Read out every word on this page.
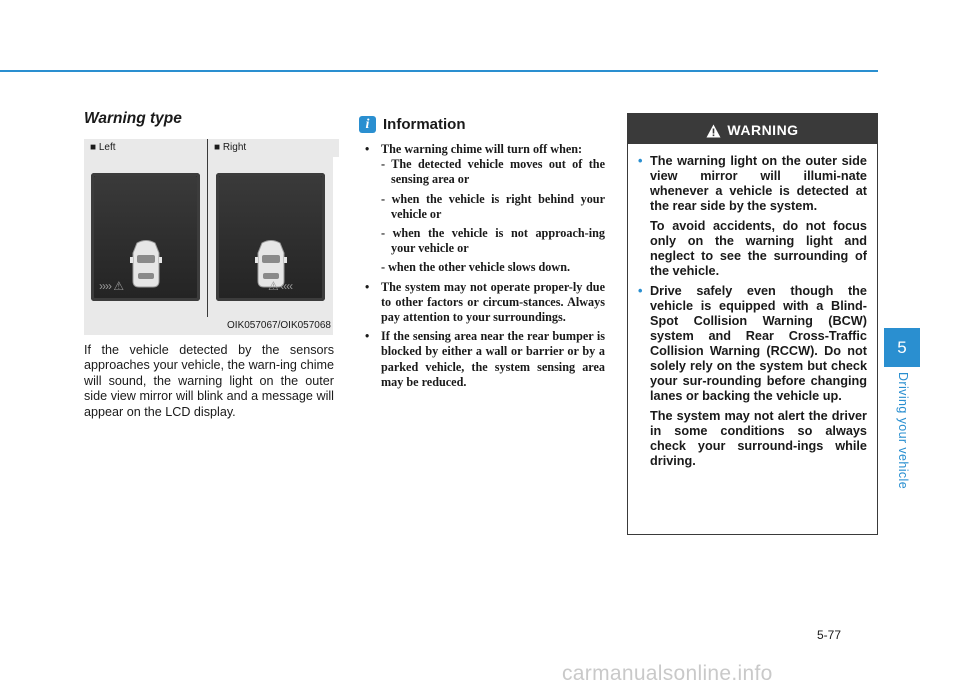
Warning type
■ Left	■ Right
›››› ⚠	⚠ ‹‹‹‹
OIK057067/OIK057068
If the vehicle detected by the sensors approaches your vehicle, the warn-ing chime will sound, the warning light on the outer side view mirror will blink and a message will appear on the LCD display.
i Information
• The warning chime will turn off when:
- The detected vehicle moves out of the sensing area or
- when the vehicle is right behind your vehicle or
- when the vehicle is not approach-ing your vehicle or
- when the other vehicle slows down.
• The system may not operate proper-ly due to other factors or circum-stances. Always pay attention to your surroundings.
• If the sensing area near the rear bumper is blocked by either a wall or barrier or by a parked vehicle, the system sensing area may be reduced.
WARNING
• The warning light on the outer side view mirror will illumi-nate whenever a vehicle is detected at the rear side by the system.
To avoid accidents, do not focus only on the warning light and neglect to see the surrounding of the vehicle.
• Drive safely even though the vehicle is equipped with a Blind-Spot Collision Warning (BCW) system and Rear Cross-Traffic Collision Warning (RCCW). Do not solely rely on the system but check your sur-rounding before changing lanes or backing the vehicle up.
The system may not alert the driver in some conditions so always check your surround-ings while driving.
5
Driving your vehicle
5-77
carmanualsonline.info
